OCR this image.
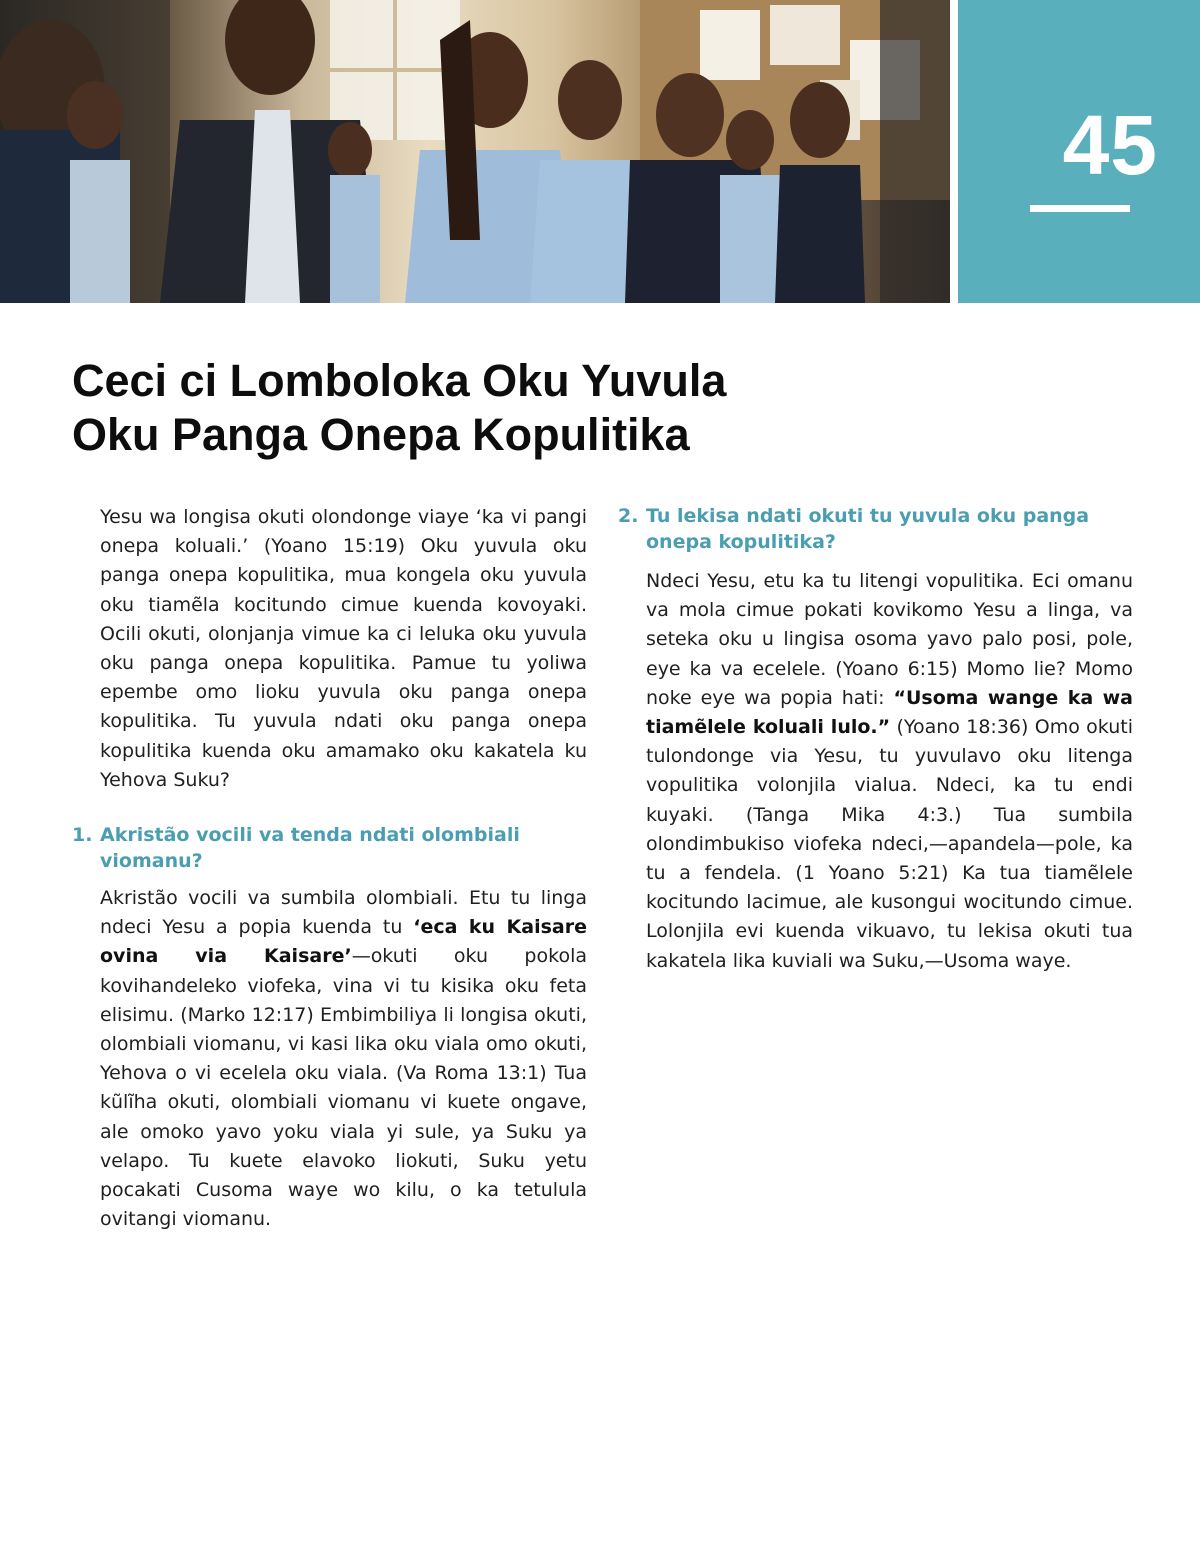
45
Ceci ci Lomboloka Oku Yuvula
Oku Panga Onepa Kopulitika

Yesu wa longisa okuti olondonge viaye ‘ka vi pangi onepa koluali.’ (Yoano 15:19) Oku yuvula oku panga onepa kopulitika, mua kongela oku yuvula oku tiamẽla kocitundo cimue kuenda kovoyaki. Ocili okuti, olonjanja vimue ka ci leluka oku yuvula oku panga onepa kopulitika. Pamue tu yoliwa epembe omo lioku yuvula oku panga onepa kopulitika. Tu yuvula ndati oku panga onepa kopulitika kuenda oku amamako oku kakatela ku Yehova Suku?

1. Akristão vocili va tenda ndati olombiali viomanu?

Akristão vocili va sumbila olombiali. Etu tu linga ndeci Yesu a popia kuenda tu ‘eca ku Kaisare ovina via Kaisare’—okuti oku pokola kovihandeleko viofeka, vina vi tu kisika oku feta elisimu. (Marko 12:17) Embimbiliya li longisa okuti, olombiali viomanu, vi kasi lika oku viala omo okuti, Yehova o vi ecelela oku viala. (Va Roma 13:1) Tua kũlĩha okuti, olombiali viomanu vi kuete ongave, ale omoko yavo yoku viala yi sule, ya Suku ya velapo. Tu kuete elavoko liokuti, Suku yetu pocakati Cusoma waye wo kilu, o ka tetulula ovitangi viomanu.

2. Tu lekisa ndati okuti tu yuvula oku panga onepa kopulitika?

Ndeci Yesu, etu ka tu litengi vopulitika. Eci omanu va mola cimue pokati kovikomo Yesu a linga, va seteka oku u lingisa osoma yavo palo posi, pole, eye ka va ecelele. (Yoano 6:15) Momo lie? Momo noke eye wa popia hati: “Usoma wange ka wa tiamẽlele koluali lulo.” (Yoano 18:36) Omo okuti tulondonge via Yesu, tu yuvulavo oku litenga vopulitika volonjila vialua. Ndeci, ka tu endi kuyaki. (Tanga Mika 4:3.) Tua sumbila olondimbukiso viofeka ndeci,—apandela—pole, ka tu a fendela. (1 Yoano 5:21) Ka tua tiamẽlele kocitundo lacimue, ale kusongui wocitundo cimue. Lolonjila evi kuenda vikuavo, tu lekisa okuti tua kakatela lika kuviali wa Suku,—Usoma waye.
